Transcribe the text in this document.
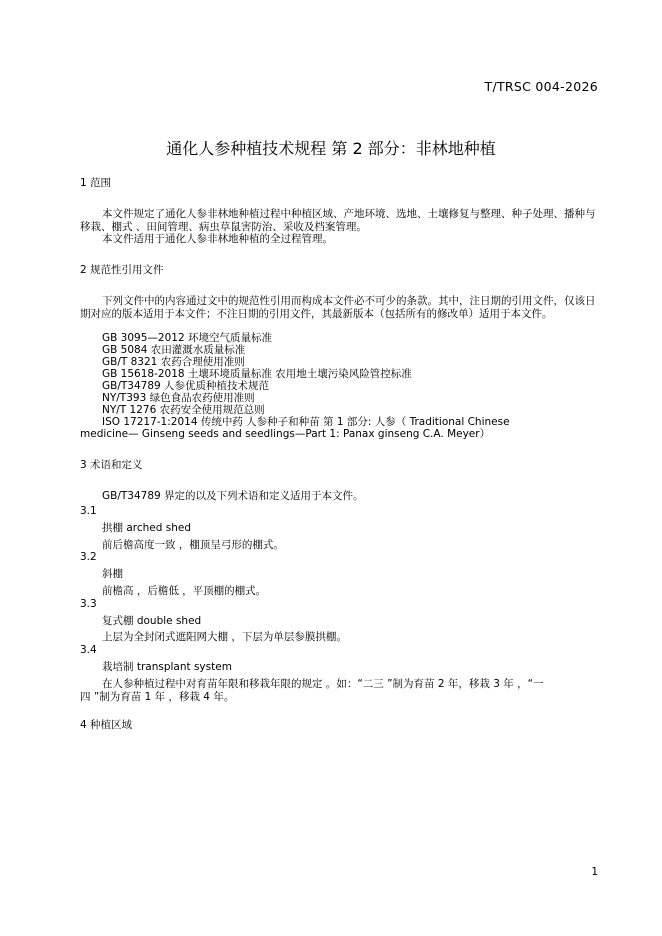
T/TRSC 004-2026
通化人参种植技术规程 第 2 部分：非林地种植
1 范围
本文件规定了通化人参非林地种植过程中种植区域、产地环境、选地、土壤修复与整理、种子处理、播种与移栽、棚式 、田间管理、病虫草鼠害防治、采收及档案管理。
本文件适用于通化人参非林地种植的全过程管理。
2 规范性引用文件
下列文件中的内容通过文中的规范性引用而构成本文件必不可少的条款。其中，注日期的引用文件，仅该日期对应的版本适用于本文件；不注日期的引用文件，其最新版本（包括所有的修改单）适用于本文件。
GB 3095—2012 环境空气质量标准
GB 5084 农田灌溉水质量标准
GB/T 8321 农药合理使用准则
GB 15618-2018 土壤环境质量标准 农用地土壤污染风险管控标准
GB/T34789 人参优质种植技术规范
NY/T393 绿色食品农药使用准则
NY/T 1276 农药安全使用规范总则
ISO 17217-1:2014 传统中药 人参种子和种苗 第 1 部分: 人参（ Traditional Chinese
medicine— Ginseng seeds and seedlings—Part 1: Panax ginseng C.A. Meyer）
3 术语和定义
GB/T34789 界定的以及下列术语和定义适用于本文件。
3.1
拱棚 arched shed
前后檐高度一致 ，棚顶呈弓形的棚式。
3.2
斜棚
前檐高 ，后檐低 ，平顶棚的棚式。
3.3
复式棚 double shed
上层为全封闭式遮阳网大棚 ，下层为单层参膜拱棚。
3.4
栽培制 transplant system
在人参种植过程中对育苗年限和移栽年限的规定 。如：“二三 ”制为育苗 2 年，移栽 3 年 ，“一
四 ”制为育苗 1 年 ，移栽 4 年。
4 种植区域
1
